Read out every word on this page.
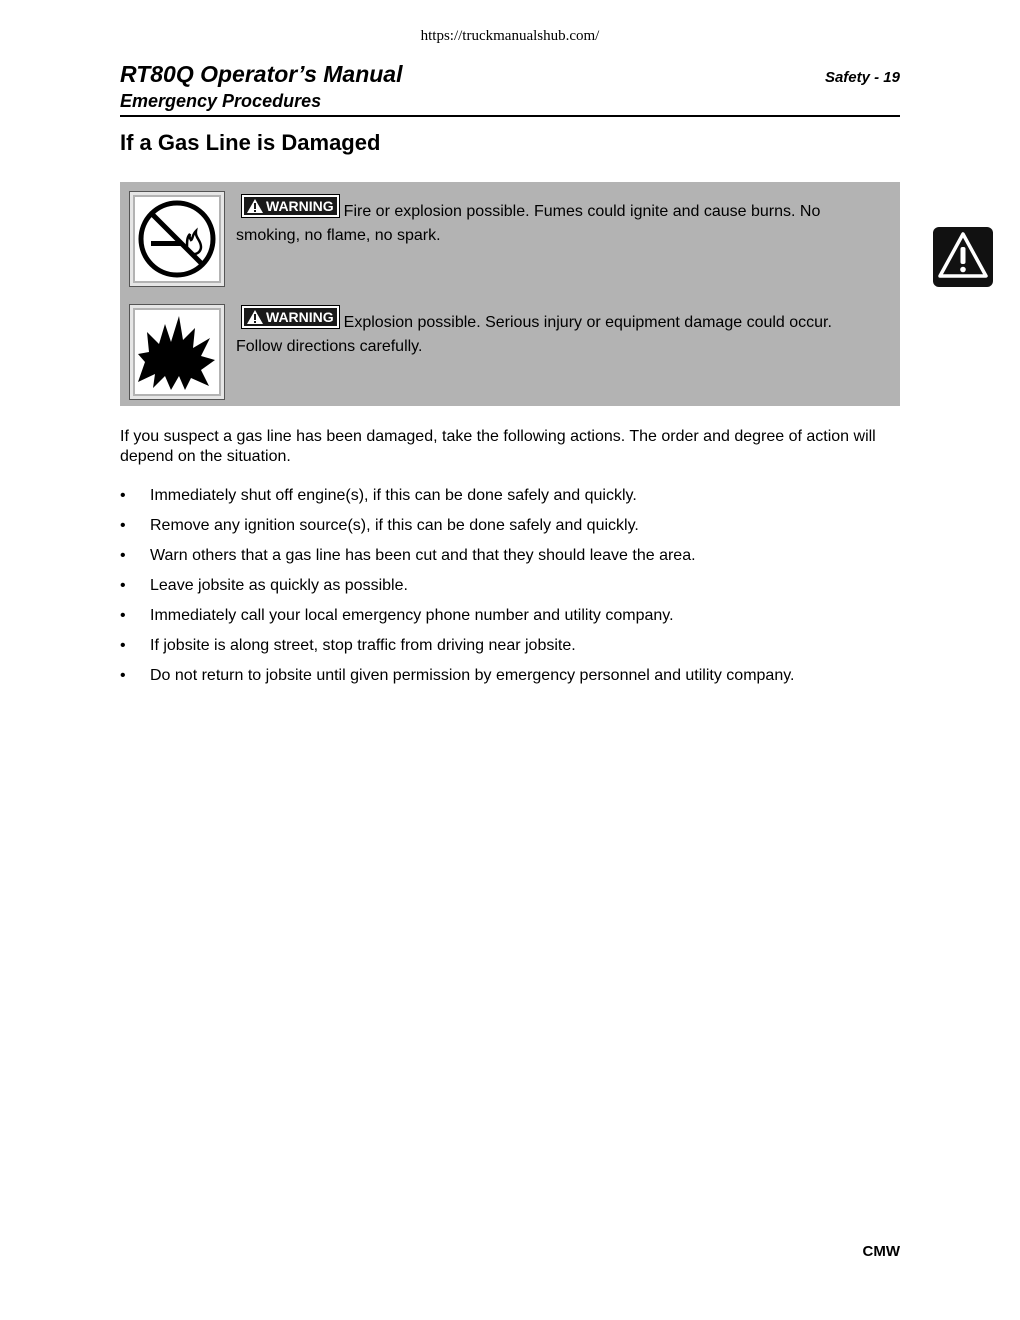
https://truckmanualshub.com/
RT80Q Operator’s Manual	Safety - 19
Emergency Procedures
If a Gas Line is Damaged
WARNING Fire or explosion possible. Fumes could ignite and cause burns. No
smoking, no flame, no spark.
WARNING Explosion possible. Serious injury or equipment damage could occur.
Follow directions carefully.
If you suspect a gas line has been damaged, take the following actions. The order and degree of action will depend on the situation.
• Immediately shut off engine(s), if this can be done safely and quickly.
• Remove any ignition source(s), if this can be done safely and quickly.
• Warn others that a gas line has been cut and that they should leave the area.
• Leave jobsite as quickly as possible.
• Immediately call your local emergency phone number and utility company.
• If jobsite is along street, stop traffic from driving near jobsite.
• Do not return to jobsite until given permission by emergency personnel and utility company.
CMW
